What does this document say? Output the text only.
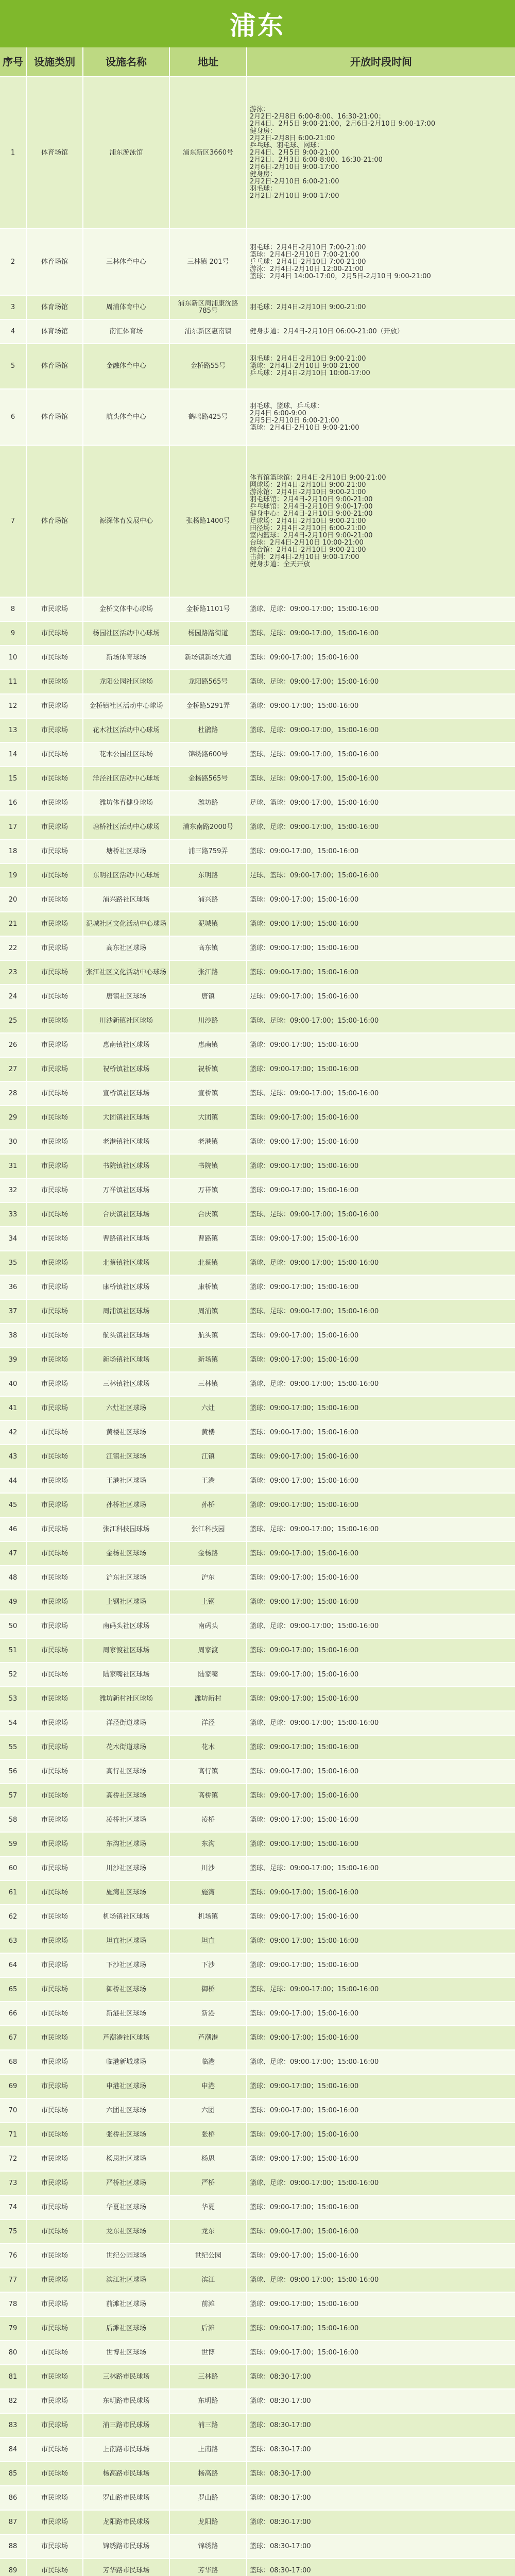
浦东
序号	设施类别	设施名称	地址	开放时段时间
1	体育场馆	浦东游泳馆	浦东新区3660号
游泳：
2月2日-2月8日 6:00-8:00、16:30-21:00；
2月4日、2月5日 9:00-21:00，2月6日-2月10日 9:00-17:00
健身房：
2月2日-2月8日 6:00-21:00
乒乓球、羽毛球、网球：
2月4日、2月5日 9:00-21:00
2月2日、2月3日 6:00-8:00、16:30-21:00
2月6日-2月10日 9:00-17:00
健身房：
2月2日-2月10日 6:00-21:00
羽毛球：
2月2日-2月10日 9:00-17:00
2	体育场馆	三林体育中心	三林镇 201号
羽毛球：2月4日-2月10日 7:00-21:00
篮球：2月4日-2月10日 7:00-21:00
乒乓球：2月4日-2月10日 7:00-21:00
游泳：2月4日-2月10日 12:00-21:00
篮球：2月4日 14:00-17:00，2月5日-2月10日 9:00-21:00
3	体育场馆	周浦体育中心	浦东新区周浦康沈路785号	羽毛球：2月4日-2月10日 9:00-21:00
4	体育场馆	南汇体育场	浦东新区惠南镇	健身步道：2月4日-2月10日 06:00-21:00（开放）
5	体育场馆	金融体育中心	金桥路55号
羽毛球：2月4日-2月10日 9:00-21:00
篮球：2月4日-2月10日 9:00-21:00
乒乓球：2月4日-2月10日 10:00-17:00
6	体育场馆	航头体育中心	鹤鸣路425号
羽毛球、篮球、乒乓球：
2月4日 6:00-9:00
2月5日-2月10日 6:00-21:00
篮球：2月4日-2月10日 9:00-21:00
7	体育场馆	源深体育发展中心	张杨路1400号
体育馆篮球馆：2月4日-2月10日 9:00-21:00
网球场：2月4日-2月10日 9:00-21:00
游泳馆：2月4日-2月10日 9:00-21:00
羽毛球馆：2月4日-2月10日 9:00-21:00
乒乓球馆：2月4日-2月10日 9:00-17:00
健身中心：2月4日-2月10日 9:00-21:00
足球场：2月4日-2月10日 9:00-21:00
田径场：2月4日-2月10日 6:00-21:00
室内篮球：2月4日-2月10日 9:00-21:00
台球：2月4日-2月10日 10:00-21:00
综合馆：2月4日-2月10日 9:00-21:00
击剑：2月4日-2月10日 9:00-17:00
健身步道：全天开放
8	市民球场	金桥文体中心球场	金桥路1101号	篮球、足球：09:00-17:00；15:00-16:00
9	市民球场	杨园社区活动中心球场	杨园路路街道	篮球、足球：09:00-17:00，15:00-16:00
10	市民球场	新场体育球场	新场镇新场大道	篮球：09:00-17:00；15:00-16:00
11	市民球场	龙阳公园社区球场	龙阳路565号	篮球、足球：09:00-17:00；15:00-16:00
12	市民球场	金桥镇社区活动中心球场	金桥路5291弄	篮球：09:00-17:00；15:00-16:00
13	市民球场	花木社区活动中心球场	杜鹃路	篮球、足球：09:00-17:00，15:00-16:00
14	市民球场	花木公园社区球场	锦绣路600号	篮球、足球：09:00-17:00，15:00-16:00
15	市民球场	洋泾社区活动中心球场	金杨路565号	篮球、足球：09:00-17:00，15:00-16:00
16	市民球场	潍坊体育健身球场	潍坊路	足球、篮球：09:00-17:00，15:00-16:00
17	市民球场	塘桥社区活动中心球场	浦东南路2000号	篮球、足球：09:00-17:00，15:00-16:00
18	市民球场	塘桥社区球场	浦三路759弄	篮球：09:00-17:00，15:00-16:00
19	市民球场	东明社区活动中心球场	东明路	足球、篮球：09:00-17:00；15:00-16:00
20	市民球场	浦兴路社区球场	浦兴路	篮球：09:00-17:00；15:00-16:00
21	市民球场	泥城社区文化活动中心球场	泥城镇	篮球：09:00-17:00；15:00-16:00
22	市民球场	高东社区球场	高东镇	篮球：09:00-17:00；15:00-16:00
23	市民球场	张江社区文化活动中心球场	张江路	篮球：09:00-17:00；15:00-16:00
24	市民球场	唐镇社区球场	唐镇	足球：09:00-17:00；15:00-16:00
25	市民球场	川沙新镇社区球场	川沙路	篮球、足球：09:00-17:00；15:00-16:00
26	市民球场	惠南镇社区球场	惠南镇	篮球：09:00-17:00；15:00-16:00
27	市民球场	祝桥镇社区球场	祝桥镇	篮球：09:00-17:00；15:00-16:00
28	市民球场	宣桥镇社区球场	宣桥镇	篮球、足球：09:00-17:00；15:00-16:00
29	市民球场	大团镇社区球场	大团镇	篮球：09:00-17:00；15:00-16:00
30	市民球场	老港镇社区球场	老港镇	篮球：09:00-17:00；15:00-16:00
31	市民球场	书院镇社区球场	书院镇	篮球：09:00-17:00；15:00-16:00
32	市民球场	万祥镇社区球场	万祥镇	篮球：09:00-17:00；15:00-16:00
33	市民球场	合庆镇社区球场	合庆镇	篮球、足球：09:00-17:00；15:00-16:00
34	市民球场	曹路镇社区球场	曹路镇	篮球：09:00-17:00；15:00-16:00
35	市民球场	北蔡镇社区球场	北蔡镇	篮球、足球：09:00-17:00；15:00-16:00
36	市民球场	康桥镇社区球场	康桥镇	篮球：09:00-17:00；15:00-16:00
37	市民球场	周浦镇社区球场	周浦镇	篮球、足球：09:00-17:00；15:00-16:00
38	市民球场	航头镇社区球场	航头镇	篮球：09:00-17:00；15:00-16:00
39	市民球场	新场镇社区球场	新场镇	篮球：09:00-17:00；15:00-16:00
40	市民球场	三林镇社区球场	三林镇	篮球、足球：09:00-17:00；15:00-16:00
41	市民球场	六灶社区球场	六灶	篮球：09:00-17:00；15:00-16:00
42	市民球场	黄楼社区球场	黄楼	篮球：09:00-17:00；15:00-16:00
43	市民球场	江镇社区球场	江镇	篮球：09:00-17:00；15:00-16:00
44	市民球场	王港社区球场	王港	篮球：09:00-17:00；15:00-16:00
45	市民球场	孙桥社区球场	孙桥	篮球：09:00-17:00；15:00-16:00
46	市民球场	张江科技园球场	张江科技园	篮球、足球：09:00-17:00；15:00-16:00
47	市民球场	金杨社区球场	金杨路	篮球：09:00-17:00；15:00-16:00
48	市民球场	沪东社区球场	沪东	篮球：09:00-17:00；15:00-16:00
49	市民球场	上钢社区球场	上钢	篮球：09:00-17:00；15:00-16:00
50	市民球场	南码头社区球场	南码头	篮球、足球：09:00-17:00；15:00-16:00
51	市民球场	周家渡社区球场	周家渡	篮球：09:00-17:00；15:00-16:00
52	市民球场	陆家嘴社区球场	陆家嘴	篮球：09:00-17:00；15:00-16:00
53	市民球场	潍坊新村社区球场	潍坊新村	篮球：09:00-17:00；15:00-16:00
54	市民球场	洋泾街道球场	洋泾	篮球、足球：09:00-17:00；15:00-16:00
55	市民球场	花木街道球场	花木	篮球：09:00-17:00；15:00-16:00
56	市民球场	高行社区球场	高行镇	篮球：09:00-17:00；15:00-16:00
57	市民球场	高桥社区球场	高桥镇	篮球：09:00-17:00；15:00-16:00
58	市民球场	凌桥社区球场	凌桥	篮球：09:00-17:00；15:00-16:00
59	市民球场	东沟社区球场	东沟	篮球：09:00-17:00；15:00-16:00
60	市民球场	川沙社区球场	川沙	篮球、足球：09:00-17:00；15:00-16:00
61	市民球场	施湾社区球场	施湾	篮球：09:00-17:00；15:00-16:00
62	市民球场	机场镇社区球场	机场镇	篮球：09:00-17:00；15:00-16:00
63	市民球场	坦直社区球场	坦直	篮球：09:00-17:00；15:00-16:00
64	市民球场	下沙社区球场	下沙	篮球：09:00-17:00；15:00-16:00
65	市民球场	御桥社区球场	御桥	篮球、足球：09:00-17:00；15:00-16:00
66	市民球场	新港社区球场	新港	篮球：09:00-17:00；15:00-16:00
67	市民球场	芦潮港社区球场	芦潮港	篮球：09:00-17:00；15:00-16:00
68	市民球场	临港新城球场	临港	篮球、足球：09:00-17:00；15:00-16:00
69	市民球场	申港社区球场	申港	篮球：09:00-17:00；15:00-16:00
70	市民球场	六团社区球场	六团	篮球：09:00-17:00；15:00-16:00
71	市民球场	张桥社区球场	张桥	篮球：09:00-17:00；15:00-16:00
72	市民球场	杨思社区球场	杨思	篮球：09:00-17:00；15:00-16:00
73	市民球场	严桥社区球场	严桥	篮球、足球：09:00-17:00；15:00-16:00
74	市民球场	华夏社区球场	华夏	篮球：09:00-17:00；15:00-16:00
75	市民球场	龙东社区球场	龙东	篮球：09:00-17:00；15:00-16:00
76	市民球场	世纪公园球场	世纪公园	篮球：09:00-17:00；15:00-16:00
77	市民球场	滨江社区球场	滨江	篮球、足球：09:00-17:00；15:00-16:00
78	市民球场	前滩社区球场	前滩	篮球：09:00-17:00；15:00-16:00
79	市民球场	后滩社区球场	后滩	篮球：09:00-17:00；15:00-16:00
80	市民球场	世博社区球场	世博	篮球：09:00-17:00；15:00-16:00
81	市民球场	三林路市民球场	三林路	篮球：08:30-17:00
82	市民球场	东明路市民球场	东明路	篮球：08:30-17:00
83	市民球场	浦三路市民球场	浦三路	篮球：08:30-17:00
84	市民球场	上南路市民球场	上南路	篮球：08:30-17:00
85	市民球场	杨高路市民球场	杨高路	篮球：08:30-17:00
86	市民球场	罗山路市民球场	罗山路	篮球：08:30-17:00
87	市民球场	龙阳路市民球场	龙阳路	篮球：08:30-17:00
88	市民球场	锦绣路市民球场	锦绣路	篮球：08:30-17:00
89	市民球场	芳华路市民球场	芳华路	篮球：08:30-17:00
